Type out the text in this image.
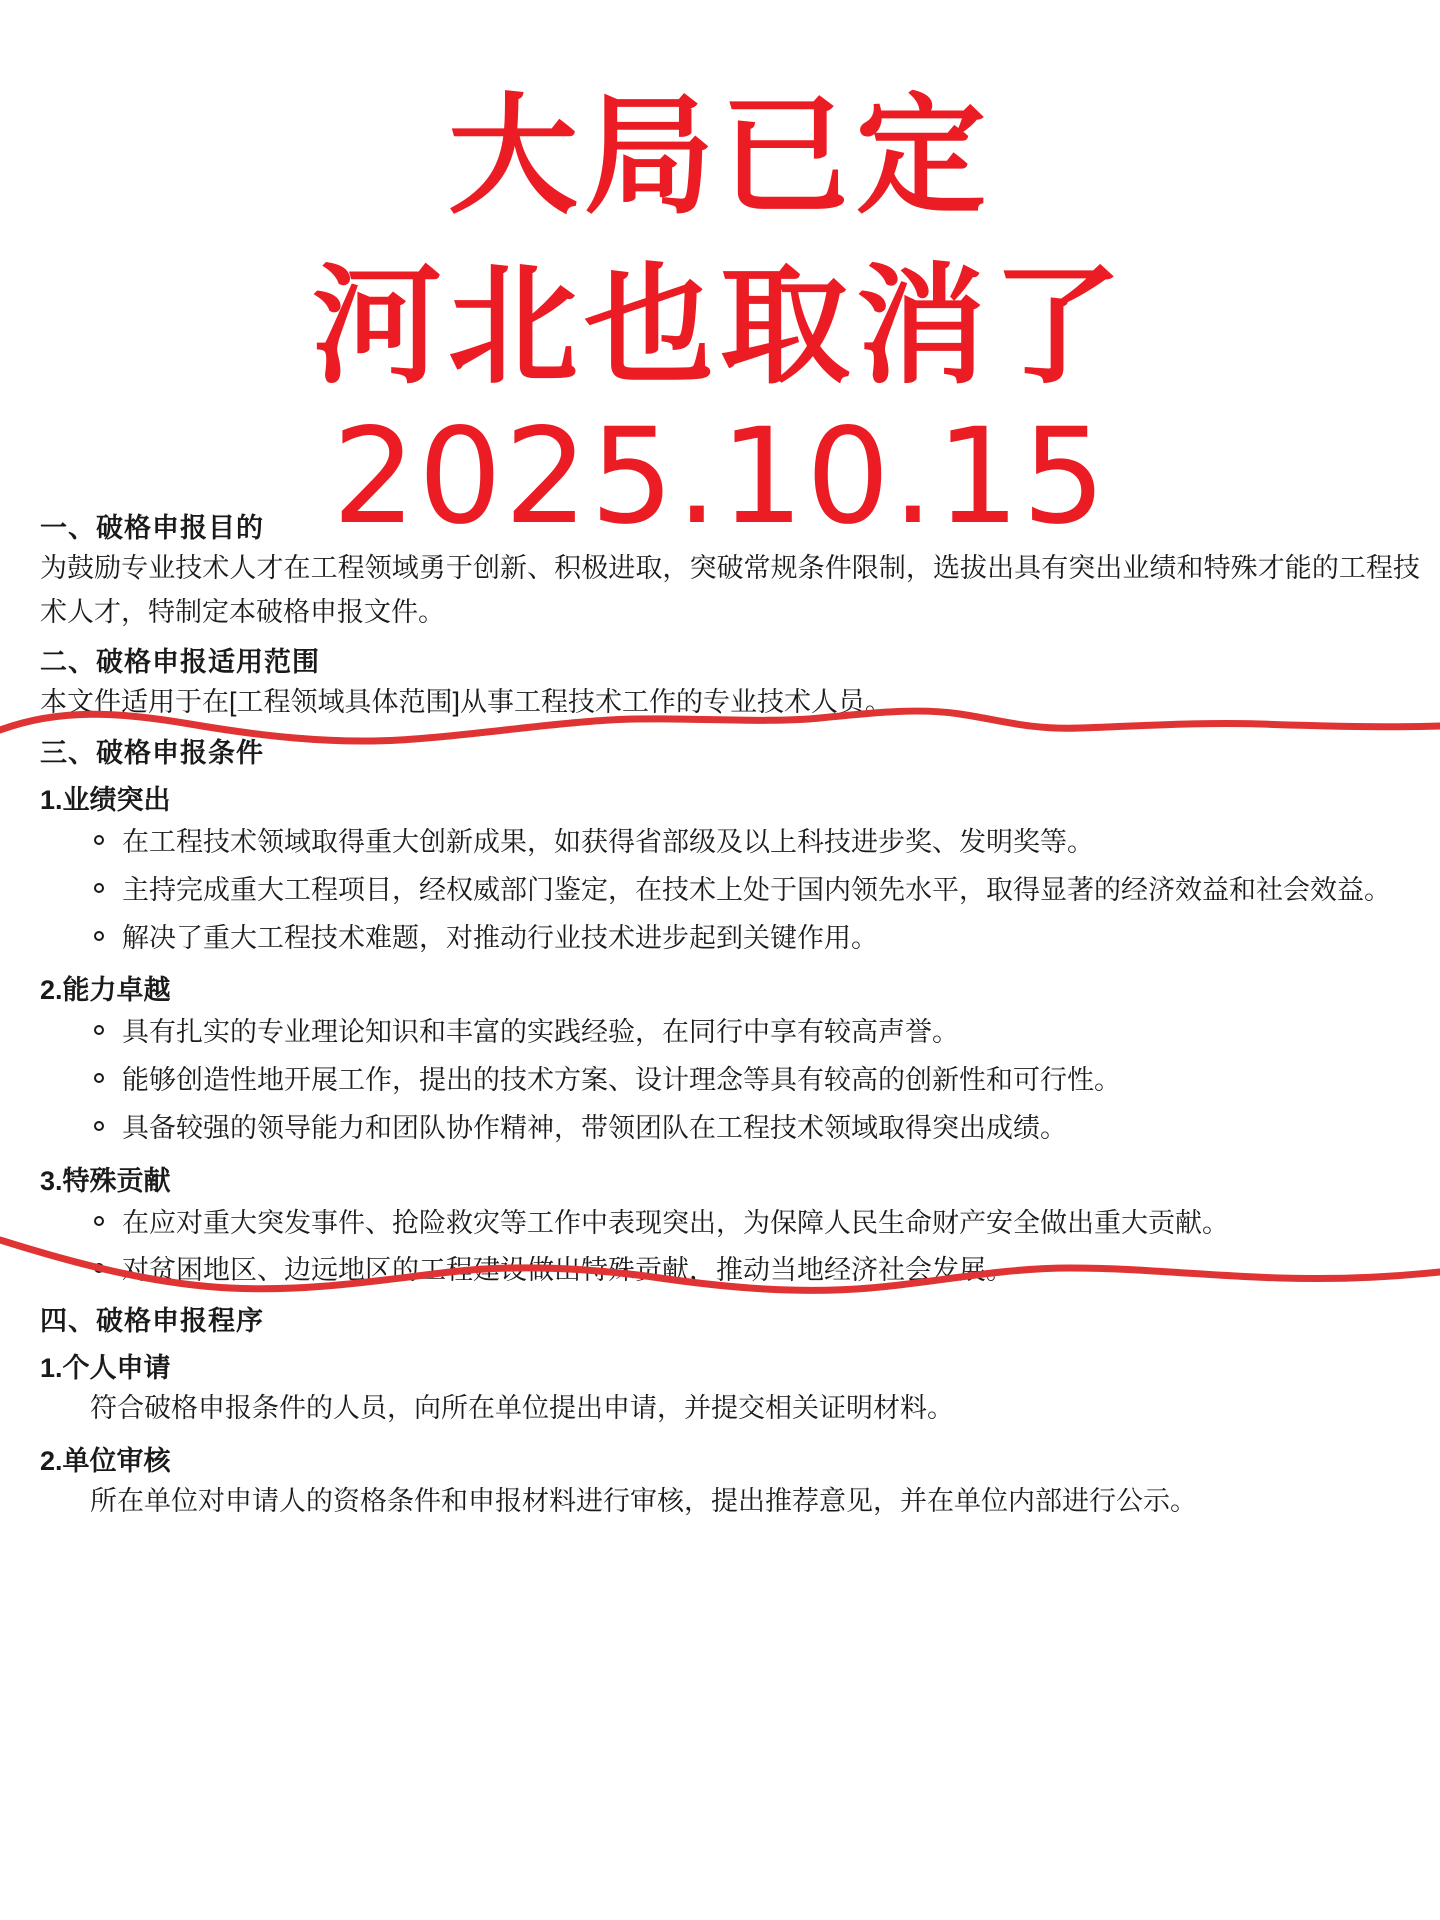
大局已定
河北也取消了
2025.10.15
一、破格申报目的

为鼓励专业技术人才在工程领域勇于创新、积极进取，突破常规条件限制，选拔出具有突出业绩和特殊才能的工程技术人才，特制定本破格申报文件。

二、破格申报适用范围

本文件适用于在[工程领域具体范围]从事工程技术工作的专业技术人员。

三、破格申报条件
1.业绩突出
在工程技术领域取得重大创新成果，如获得省部级及以上科技进步奖、发明奖等。
主持完成重大工程项目，经权威部门鉴定，在技术上处于国内领先水平，取得显著的经济效益和社会效益。
解决了重大工程技术难题，对推动行业技术进步起到关键作用。
2.能力卓越
具有扎实的专业理论知识和丰富的实践经验，在同行中享有较高声誉。
能够创造性地开展工作，提出的技术方案、设计理念等具有较高的创新性和可行性。
具备较强的领导能力和团队协作精神，带领团队在工程技术领域取得突出成绩。
3.特殊贡献
在应对重大突发事件、抢险救灾等工作中表现突出，为保障人民生命财产安全做出重大贡献。
对贫困地区、边远地区的工程建设做出特殊贡献，推动当地经济社会发展。
四、破格申报程序
1.个人申请

符合破格申报条件的人员，向所在单位提出申请，并提交相关证明材料。

2.单位审核

所在单位对申请人的资格条件和申报材料进行审核，提出推荐意见，并在单位内部进行公示。
